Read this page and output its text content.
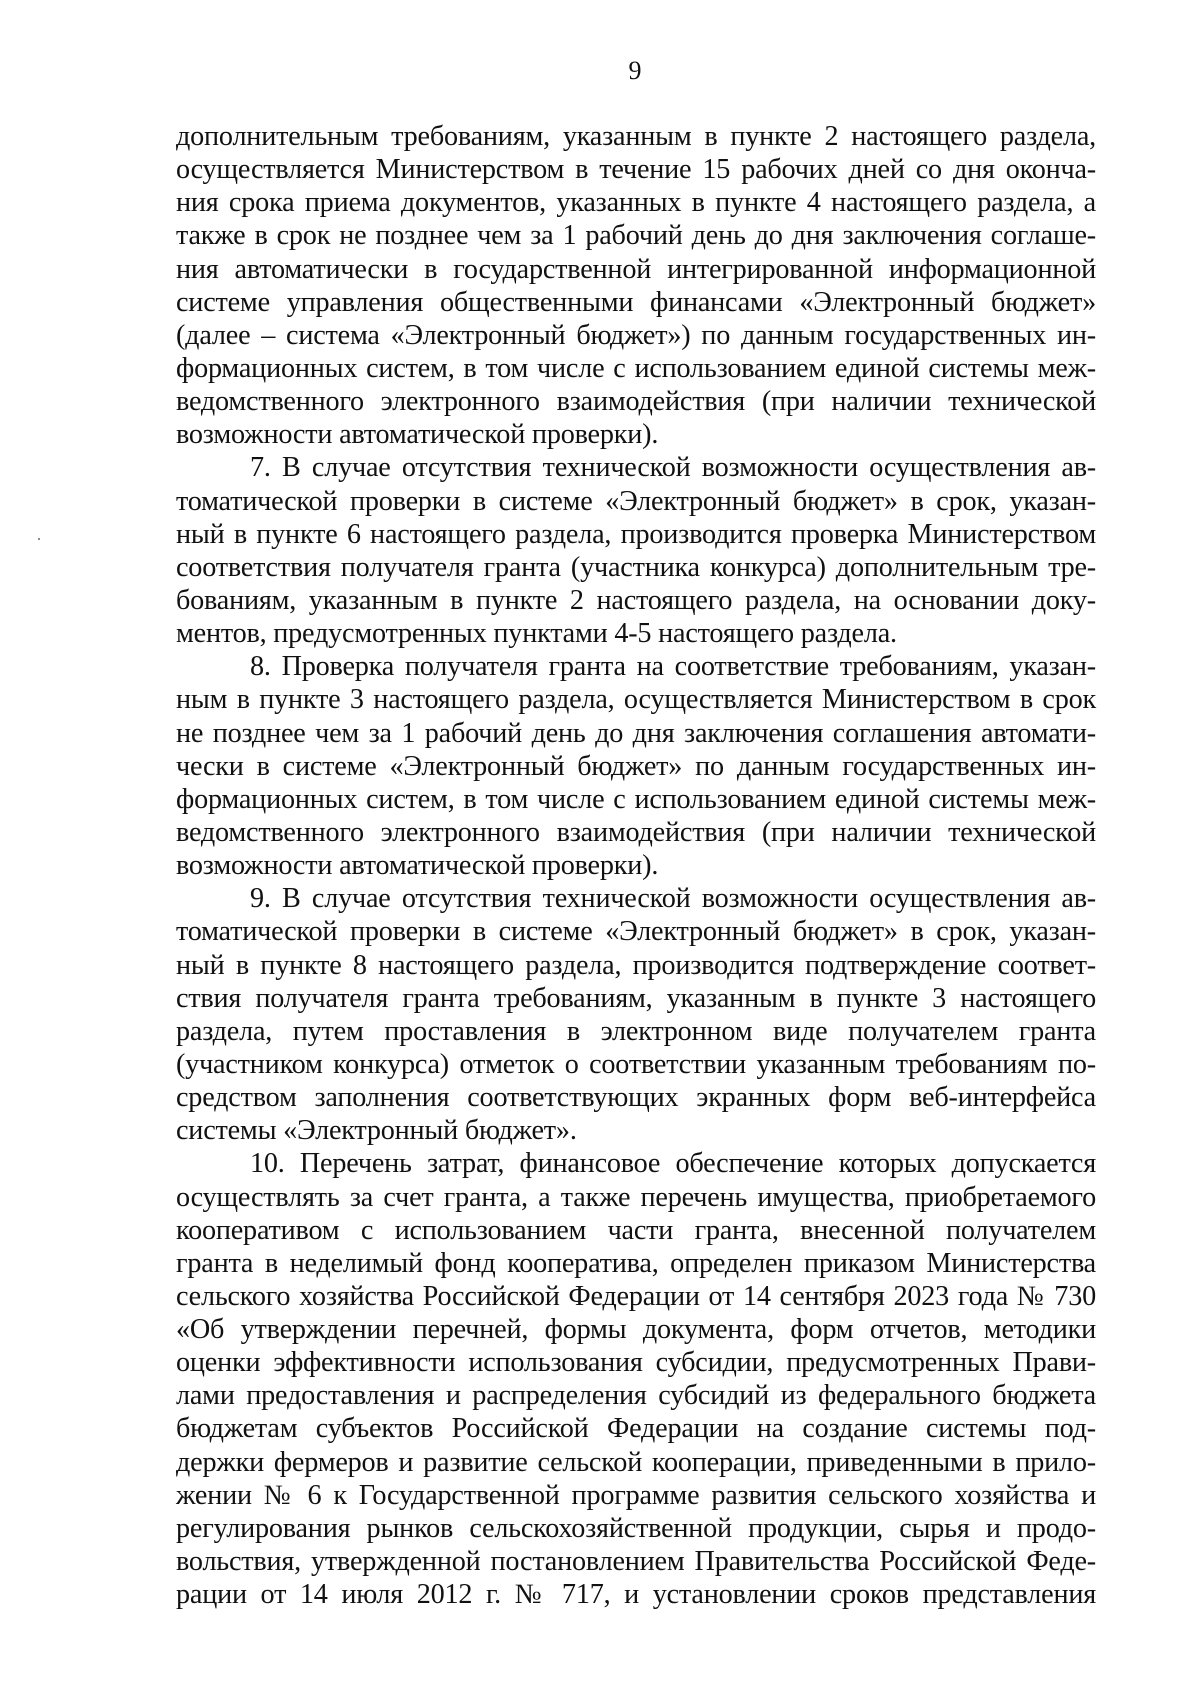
9
дополнительным требованиям, указанным в пункте 2 настоящего раздела,
осуществляется Министерством в течение 15 рабочих дней со дня оконча-
ния срока приема документов, указанных в пункте 4 настоящего раздела, а
также в срок не позднее чем за 1 рабочий день до дня заключения соглаше-
ния автоматически в государственной интегрированной информационной
системе управления общественными финансами «Электронный бюджет»
(далее – система «Электронный бюджет») по данным государственных ин-
формационных систем, в том числе с использованием единой системы меж-
ведомственного электронного взаимодействия (при наличии технической
возможности автоматической проверки).
7. В случае отсутствия технической возможности осуществления ав-
томатической проверки в системе «Электронный бюджет» в срок, указан-
ный в пункте 6 настоящего раздела, производится проверка Министерством
соответствия получателя гранта (участника конкурса) дополнительным тре-
бованиям, указанным в пункте 2 настоящего раздела, на основании доку-
ментов, предусмотренных пунктами 4-5 настоящего раздела.
8. Проверка получателя гранта на соответствие требованиям, указан-
ным в пункте 3 настоящего раздела, осуществляется Министерством в срок
не позднее чем за 1 рабочий день до дня заключения соглашения автомати-
чески в системе «Электронный бюджет» по данным государственных ин-
формационных систем, в том числе с использованием единой системы меж-
ведомственного электронного взаимодействия (при наличии технической
возможности автоматической проверки).
9. В случае отсутствия технической возможности осуществления ав-
томатической проверки в системе «Электронный бюджет» в срок, указан-
ный в пункте 8 настоящего раздела, производится подтверждение соответ-
ствия получателя гранта требованиям, указанным в пункте 3 настоящего
раздела, путем проставления в электронном виде получателем гранта
(участником конкурса) отметок о соответствии указанным требованиям по-
средством заполнения соответствующих экранных форм веб-интерфейса
системы «Электронный бюджет».
10. Перечень затрат, финансовое обеспечение которых допускается
осуществлять за счет гранта, а также перечень имущества, приобретаемого
кооперативом с использованием части гранта, внесенной получателем
гранта в неделимый фонд кооператива, определен приказом Министерства
сельского хозяйства Российской Федерации от 14 сентября 2023 года № 730
«Об утверждении перечней, формы документа, форм отчетов, методики
оценки эффективности использования субсидии, предусмотренных Прави-
лами предоставления и распределения субсидий из федерального бюджета
бюджетам субъектов Российской Федерации на создание системы под-
держки фермеров и развитие сельской кооперации, приведенными в прило-
жении № 6 к Государственной программе развития сельского хозяйства и
регулирования рынков сельскохозяйственной продукции, сырья и продо-
вольствия, утвержденной постановлением Правительства Российской Феде-
рации от 14 июля 2012 г. № 717, и установлении сроков представления
